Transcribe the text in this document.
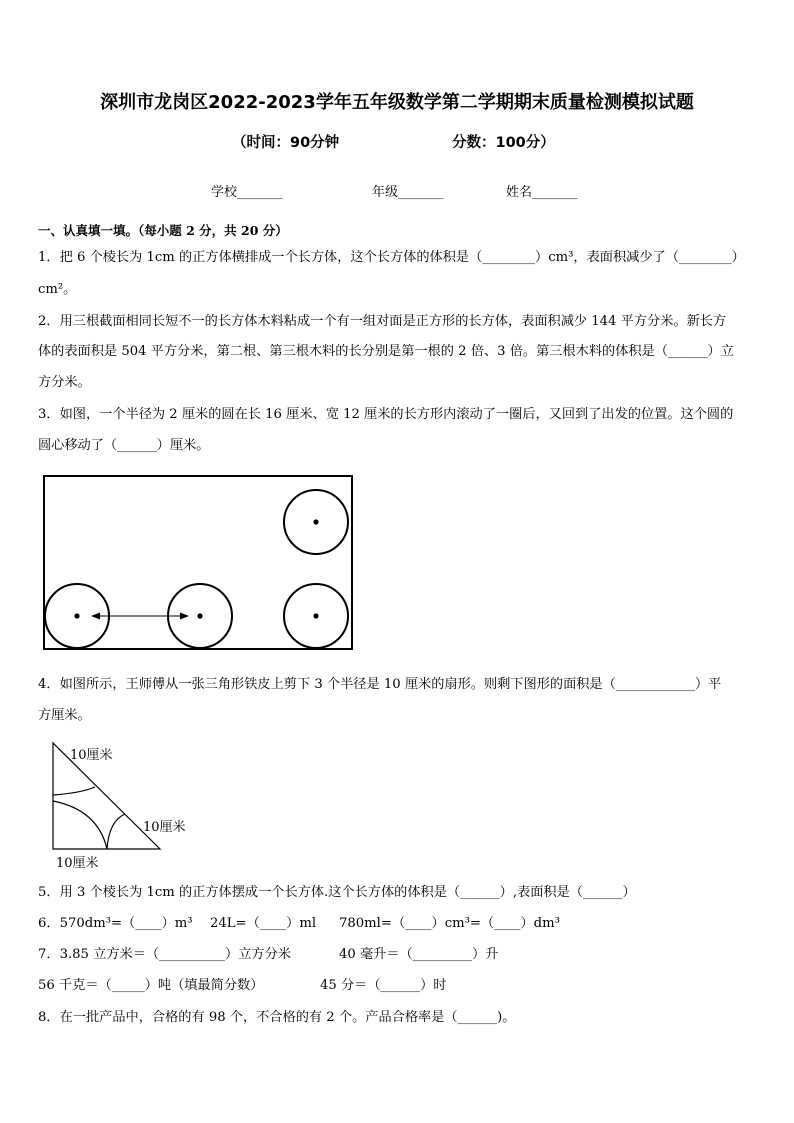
深圳市龙岗区2022-2023学年五年级数学第二学期期末质量检测模拟试题
（时间：90分钟	分数：100分）
学校_______	年级_______	姓名_______
一、认真填一填。（每小题 2 分，共 20 分）
1．把 6 个棱长为 1cm 的正方体横排成一个长方体，这个长方体的体积是（________）cm³，表面积减少了（________）
cm²。
2．用三根截面相同长短不一的长方体木料粘成一个有一组对面是正方形的长方体，表面积减少 144 平方分米。新长方
体的表面积是 504 平方分米，第二根、第三根木料的长分别是第一根的 2 倍、3 倍。第三根木料的体积是（______）立
方分米。
3．如图，一个半径为 2 厘米的圆在长 16 厘米、宽 12 厘米的长方形内滚动了一圈后，又回到了出发的位置。这个圆的
圆心移动了（______）厘米。
4．如图所示，王师傅从一张三角形铁皮上剪下 3 个半径是 10 厘米的扇形。则剩下图形的面积是（____________）平
方厘米。
10厘米
10厘米
10厘米
5．用 3 个棱长为 1cm 的正方体摆成一个长方体.这个长方体的体积是（______）,表面积是（______）
6．570dm³=（____）m³ 24L=（____）ml 780ml=（____）cm³=（____）dm³
7．3.85 立方米＝（__________）立方分米	40 毫升＝（_________）升
56 千克＝（_____）吨（填最简分数）	45 分＝（______）时
8．在一批产品中，合格的有 98 个，不合格的有 2 个。产品合格率是（______)。
